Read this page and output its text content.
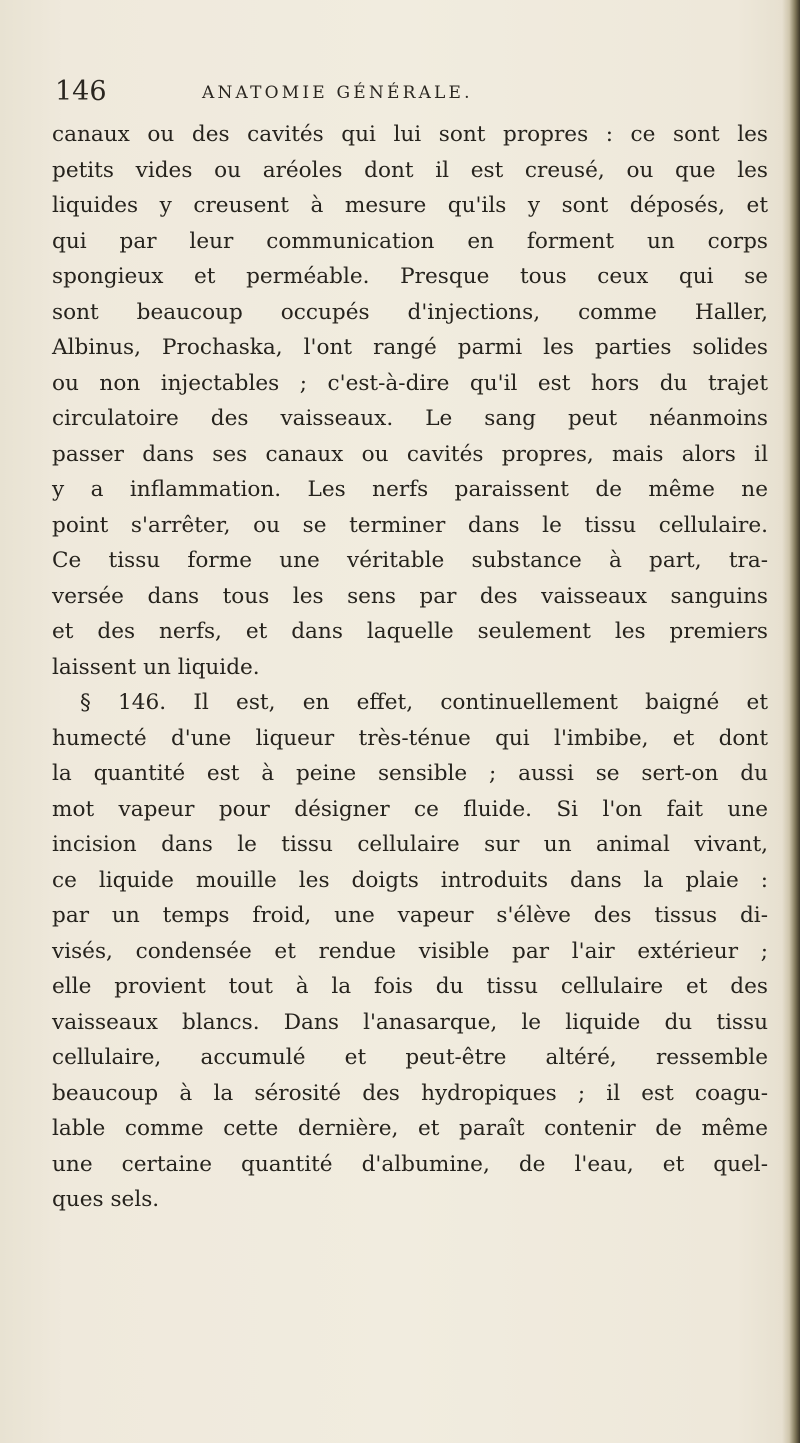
146	ANATOMIE GÉNÉRALE.
canaux ou des cavités qui lui sont propres : ce sont les
petits vides ou aréoles dont il est creusé, ou que les
liquides y creusent à mesure qu'ils y sont déposés, et
qui par leur communication en forment un corps
spongieux et perméable. Presque tous ceux qui se
sont beaucoup occupés d'injections, comme Haller,
Albinus, Prochaska, l'ont rangé parmi les parties solides
ou non injectables ; c'est-à-dire qu'il est hors du trajet
circulatoire des vaisseaux. Le sang peut néanmoins
passer dans ses canaux ou cavités propres, mais alors il
y a inflammation. Les nerfs paraissent de même ne
point s'arrêter, ou se terminer dans le tissu cellulaire.
Ce tissu forme une véritable substance à part, tra-
versée dans tous les sens par des vaisseaux sanguins
et des nerfs, et dans laquelle seulement les premiers
laissent un liquide.
§ 146. Il est, en effet, continuellement baigné et
humecté d'une liqueur très-ténue qui l'imbibe, et dont
la quantité est à peine sensible ; aussi se sert-on du
mot vapeur pour désigner ce fluide. Si l'on fait une
incision dans le tissu cellulaire sur un animal vivant,
ce liquide mouille les doigts introduits dans la plaie :
par un temps froid, une vapeur s'élève des tissus di-
visés, condensée et rendue visible par l'air extérieur ;
elle provient tout à la fois du tissu cellulaire et des
vaisseaux blancs. Dans l'anasarque, le liquide du tissu
cellulaire, accumulé et peut-être altéré, ressemble
beaucoup à la sérosité des hydropiques ; il est coagu-
lable comme cette dernière, et paraît contenir de même
une certaine quantité d'albumine, de l'eau, et quel-
ques sels.
